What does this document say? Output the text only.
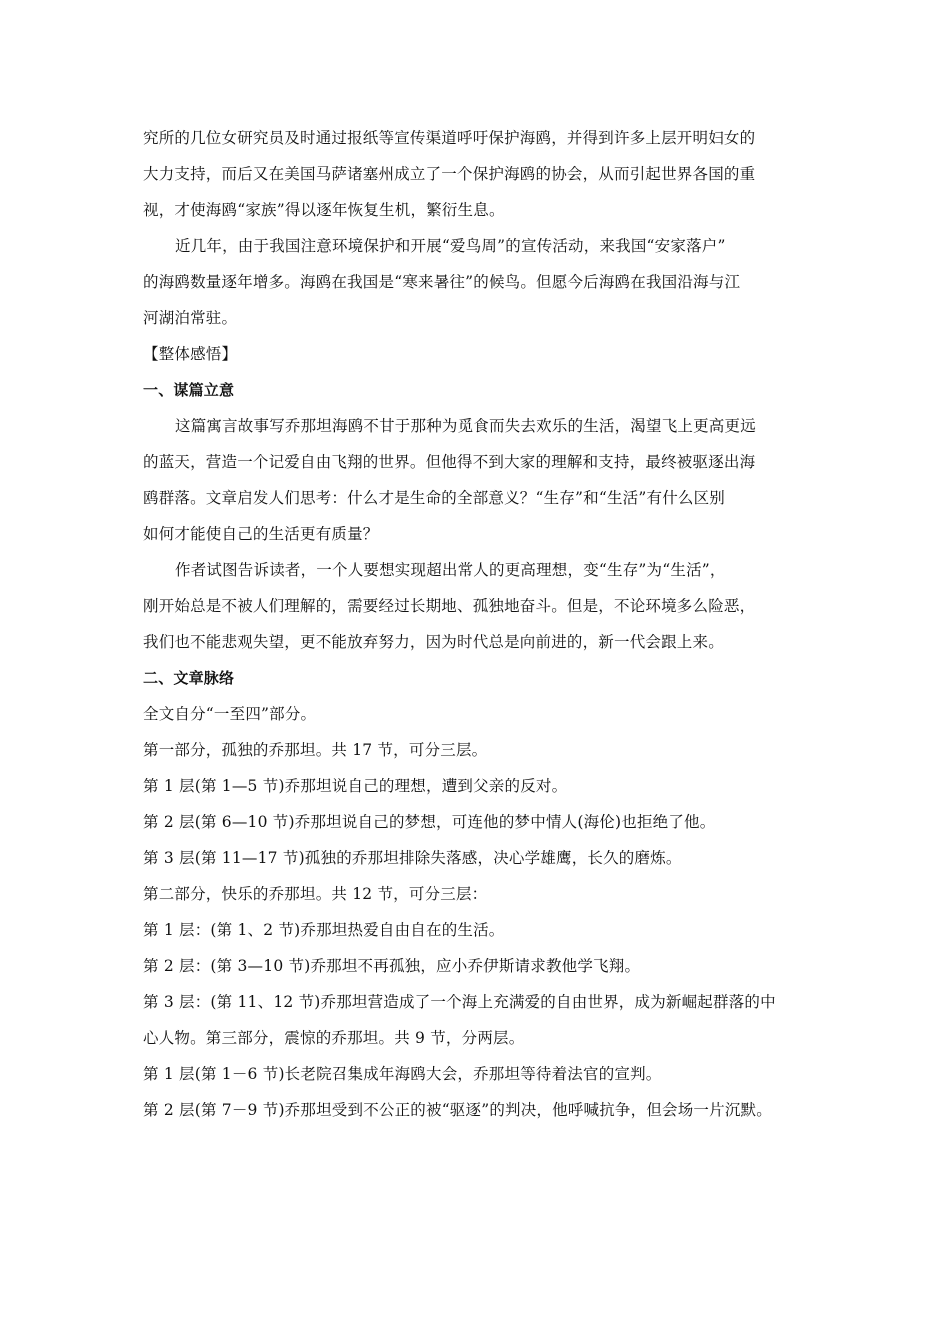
究所的几位女研究员及时通过报纸等宣传渠道呼吁保护海鸥，并得到许多上层开明妇女的
大力支持，而后又在美国马萨诸塞州成立了一个保护海鸥的协会，从而引起世界各国的重
视，才使海鸥“家族”得以逐年恢复生机，繁衍生息。
近几年，由于我国注意环境保护和开展“爱鸟周”的宣传活动，来我国“安家落户”
的海鸥数量逐年增多。海鸥在我国是“寒来暑往”的候鸟。但愿今后海鸥在我国沿海与江
河湖泊常驻。
【整体感悟】
一、谋篇立意
这篇寓言故事写乔那坦海鸥不甘于那种为觅食而失去欢乐的生活，渴望飞上更高更远
的蓝天，营造一个记爱自由飞翔的世界。但他得不到大家的理解和支持，最终被驱逐出海
鸥群落。文章启发人们思考：什么才是生命的全部意义？“生存”和“生活”有什么区别
如何才能使自己的生活更有质量？
作者试图告诉读者，一个人要想实现超出常人的更高理想，变“生存”为“生活”，
刚开始总是不被人们理解的，需要经过长期地、孤独地奋斗。但是，不论环境多么险恶，
我们也不能悲观失望，更不能放弃努力，因为时代总是向前进的，新一代会跟上来。
二、文章脉络
全文自分“一至四”部分。
第一部分，孤独的乔那坦。共 17 节，可分三层。
第 1 层(第 1—5 节)乔那坦说自己的理想，遭到父亲的反对。
第 2 层(第 6—10 节)乔那坦说自己的梦想，可连他的梦中情人(海伦)也拒绝了他。
第 3 层(第 11—17 节)孤独的乔那坦排除失落感，决心学雄鹰，长久的磨炼。
第二部分，快乐的乔那坦。共 12 节，可分三层：
第 1 层：(第 1、2 节)乔那坦热爱自由自在的生活。
第 2 层：(第 3—10 节)乔那坦不再孤独，应小乔伊斯请求教他学飞翔。
第 3 层：(第 11、12 节)乔那坦营造成了一个海上充满爱的自由世界，成为新崛起群落的中
心人物。第三部分，震惊的乔那坦。共 9 节，分两层。
第 1 层(第 1－6 节)长老院召集成年海鸥大会，乔那坦等待着法官的宣判。
第 2 层(第 7－9 节)乔那坦受到不公正的被“驱逐”的判决，他呼喊抗争，但会场一片沉默。
